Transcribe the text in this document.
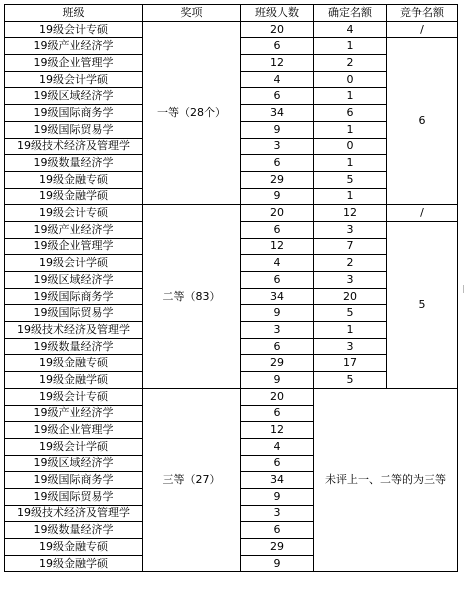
班级	奖项	班级人数	确定名额	竞争名额
19级会计专硕	一等（28个）	20	4	/
19级产业经济学		6	1	6
19级企业管理学		12	2	
19级会计学硕		4	0	
19级区域经济学		6	1	
19级国际商务学		34	6	
19级国际贸易学		9	1	
19级技术经济及管理学		3	0	
19级数量经济学		6	1	
19级金融专硕		29	5	
19级金融学硕		9	1	
19级会计专硕	二等（83）	20	12	/
19级产业经济学		6	3	5
19级企业管理学		12	7	
19级会计学硕		4	2	
19级区域经济学		6	3	
19级国际商务学		34	20	
19级国际贸易学		9	5	
19级技术经济及管理学		3	1	
19级数量经济学		6	3	
19级金融专硕		29	17	
19级金融学硕		9	5	
19级会计专硕	三等（27）	20	未评上一、二等的为三等	
19级产业经济学		6		
19级企业管理学		12		
19级会计学硕		4		
19级区域经济学		6		
19级国际商务学		34		
19级国际贸易学		9		
19级技术经济及管理学		3		
19级数量经济学		6		
19级金融专硕		29		
19级金融学硕		9		
